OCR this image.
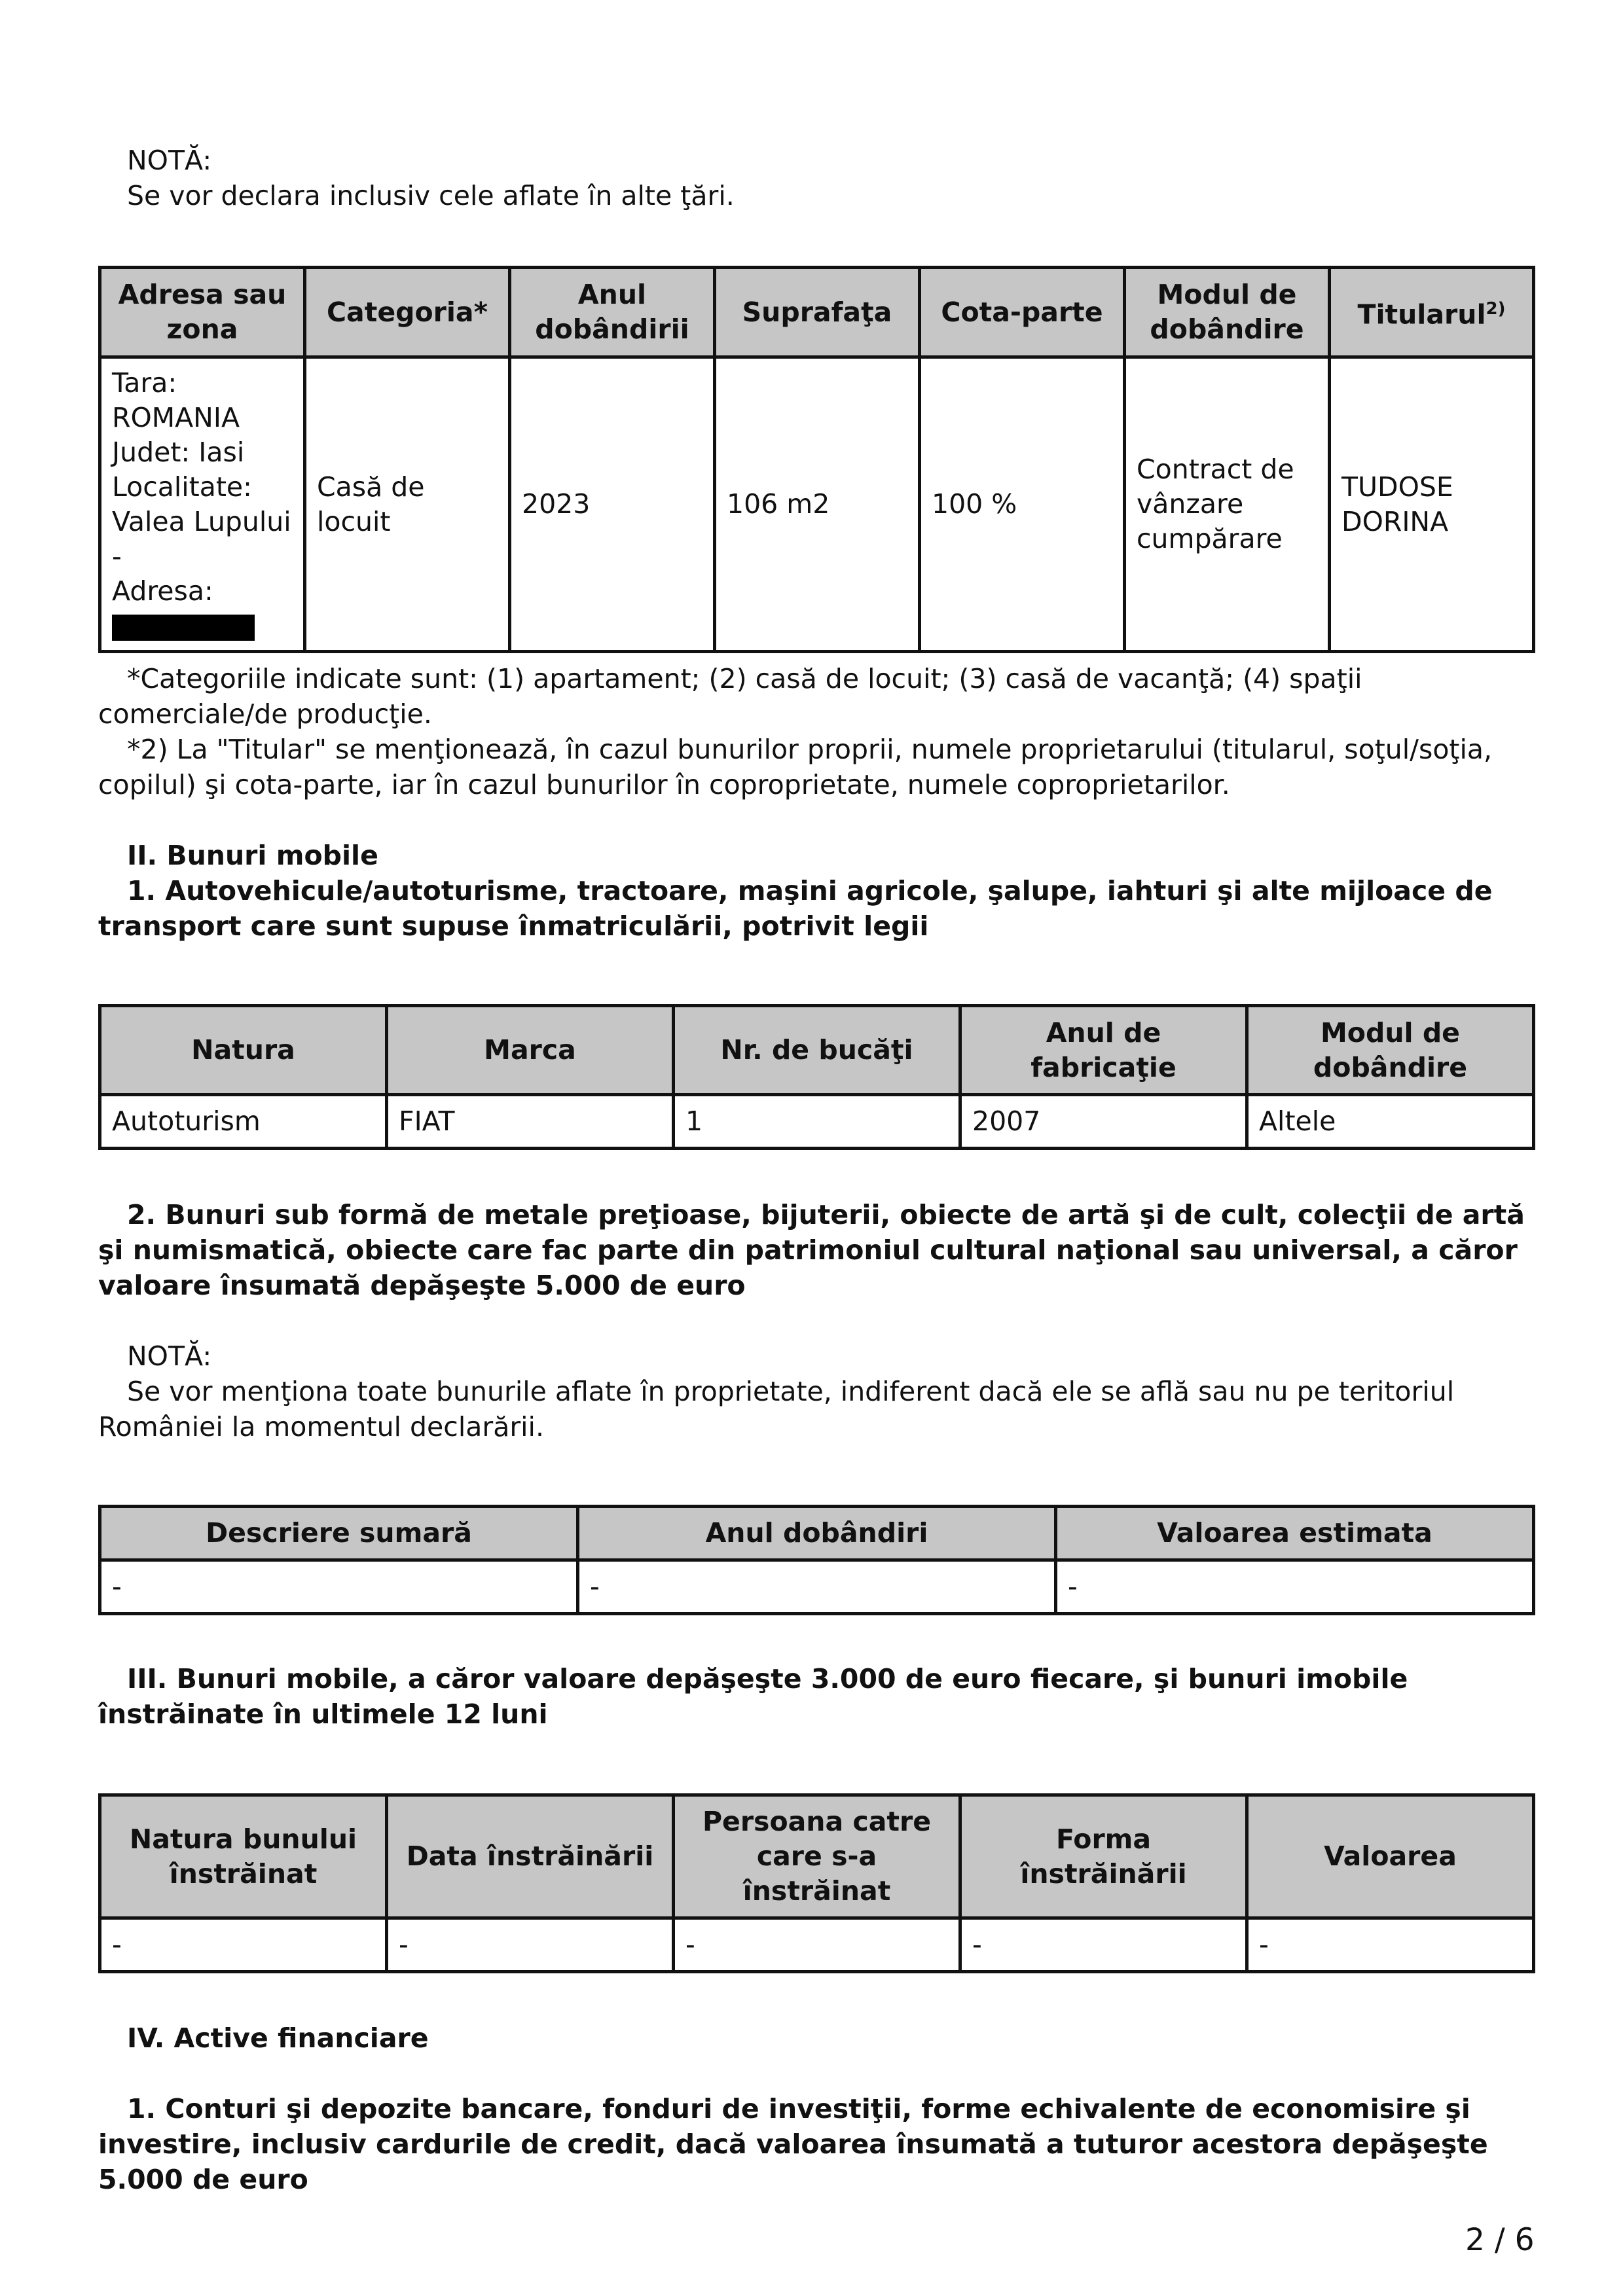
NOTĂ:

Se vor declara inclusiv cele aflate în alte ţări.

Adresa sau zona	Categoria*	Anul dobândirii	Suprafaţa	Cota-parte	Modul de dobândire	Titularul$^{2)}$

Tara: ROMANIA
Judet: Iasi
Localitate: Valea Lupului
-
Adresa:	Casă de locuit	2023	106 m2	100 %	Contract de vânzare cumpărare	TUDOSE DORINA

*Categoriile indicate sunt: (1) apartament; (2) casă de locuit; (3) casă de vacanţă; (4) spaţii comerciale/de producţie.

*2) La "Titular" se menţionează, în cazul bunurilor proprii, numele proprietarului (titularul, soţul/soţia, copilul) şi cota-parte, iar în cazul bunurilor în coproprietate, numele coproprietarilor.

II. Bunuri mobile

1. Autovehicule/autoturisme, tractoare, maşini agricole, şalupe, iahturi şi alte mijloace de transport care sunt supuse înmatriculării, potrivit legii

Natura	Marca	Nr. de bucăţi	Anul de fabricaţie	Modul de dobândire
Autoturism	FIAT	1	2007	Altele

2. Bunuri sub formă de metale preţioase, bijuterii, obiecte de artă şi de cult, colecţii de artă şi numismatică, obiecte care fac parte din patrimoniul cultural naţional sau universal, a căror valoare însumată depăşeşte 5.000 de euro

NOTĂ:

Se vor menţiona toate bunurile aflate în proprietate, indiferent dacă ele se află sau nu pe teritoriul României la momentul declarării.

Descriere sumară	Anul dobândiri	Valoarea estimata
-	-	-

III. Bunuri mobile, a căror valoare depăşeşte 3.000 de euro fiecare, şi bunuri imobile înstrăinate în ultimele 12 luni

Natura bunului înstrăinat	Data înstrăinării	Persoana catre care s-a înstrăinat	Forma înstrăinării	Valoarea
-	-	-	-	-

IV. Active financiare

1. Conturi şi depozite bancare, fonduri de investiţii, forme echivalente de economisire şi investire, inclusiv cardurile de credit, dacă valoarea însumată a tuturor acestora depăşeşte 5.000 de euro

2 / 6
